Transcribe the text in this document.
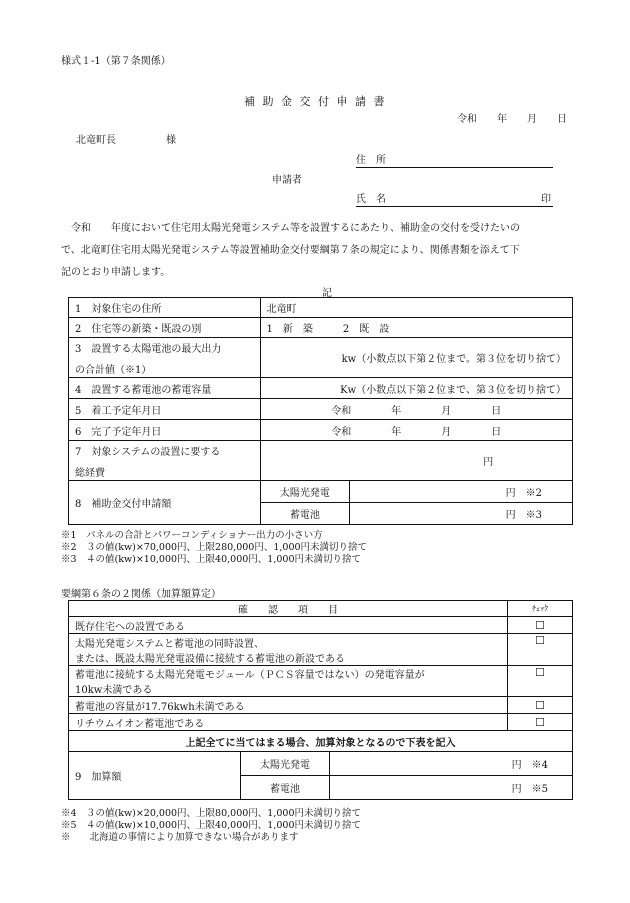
様式１-1（第７条関係）
補 助 金 交 付 申 請 書
令和　　年　　月　　日
北竜町長　　　　　様
住　所
申請者
氏　名	印
　令和　　年度において住宅用太陽光発電システム等を設置するにあたり、補助金の交付を受けたいの
で、北竜町住宅用太陽光発電システム等設置補助金交付要綱第７条の規定により、関係書類を添えて下
記のとおり申請します。
記
1　対象住宅の住所	北竜町	
2　住宅等の新築・既設の別	1　新　築　　　2　既　設	

3　設置する太陽電池の最大出力
の合計値（※1）	kw（小数点以下第２位まで。第３位を切り捨て）	
4　設置する蓄電池の蓄電容量	Kw（小数点以下第２位まで、第３位を切り捨て）	
5　着工予定年月日	令和　　　　年　　　　月　　　　日	
6　完了予定年月日	令和　　　　年　　　　月　　　　日	

7　対象システムの設置に要する
総経費	円	
8　補助金交付申請額	太陽光発電	円　※2
	蓄電池	円　※3
※1　パネルの合計とパワーコンディショナー出力の小さい方
※2　３の値(kw)×70,000円、上限280,000円、1,000円未満切り捨て
※3　４の値(kw)×10,000円、上限40,000円、1,000円未満切り捨て
要綱第６条の２関係（加算額算定）
確　　認　　項　　目			ﾁｪｯｸ
既存住宅への設置である			☐

太陽光発電システムと蓄電池の同時設置、
または、既設太陽光発電設備に接続する蓄電池の新設である			☐

蓄電池に接続する太陽光発電モジュール（ＰＣＳ容量ではない）の発電容量が
10kw未満である			☐
蓄電池の容量が17.76kwh未満である			☐
リチウムイオン蓄電池である			☐
上記全てに当てはまる場合、加算対象となるので下表を記入			
9　加算額	太陽光発電	円　※4	
	蓄電池	円　※5	
※4　３の値(kw)×20,000円、上限80,000円、1,000円未満切り捨て
※5　４の値(kw)×10,000円、上限40,000円、1,000円未満切り捨て
※　　北海道の事情により加算できない場合があります
